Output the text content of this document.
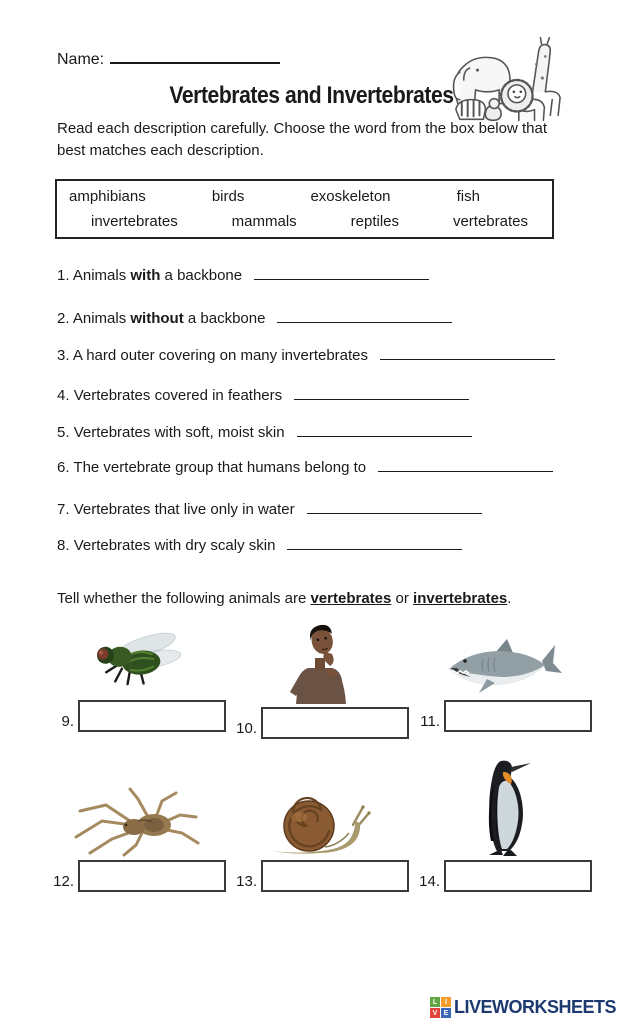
Name:
Vertebrates and Invertebrates
Read each description carefully. Choose the word from the box below that best matches each description.
amphibians	birds	exoskeleton	fish
invertebrates	mammals	reptiles	vertebrates
1. Animals with a backbone
2. Animals without a backbone
3. A hard outer covering on many invertebrates
4. Vertebrates covered in feathers
5. Vertebrates with soft, moist skin
6. The vertebrate group that humans belong to
7. Vertebrates that live only in water
8. Vertebrates with dry scaly skin
Tell whether the following animals are vertebrates or invertebrates.
9.	10.	11.
12.	13.	14.
L	I
V E LIVEWORKSHEETS
